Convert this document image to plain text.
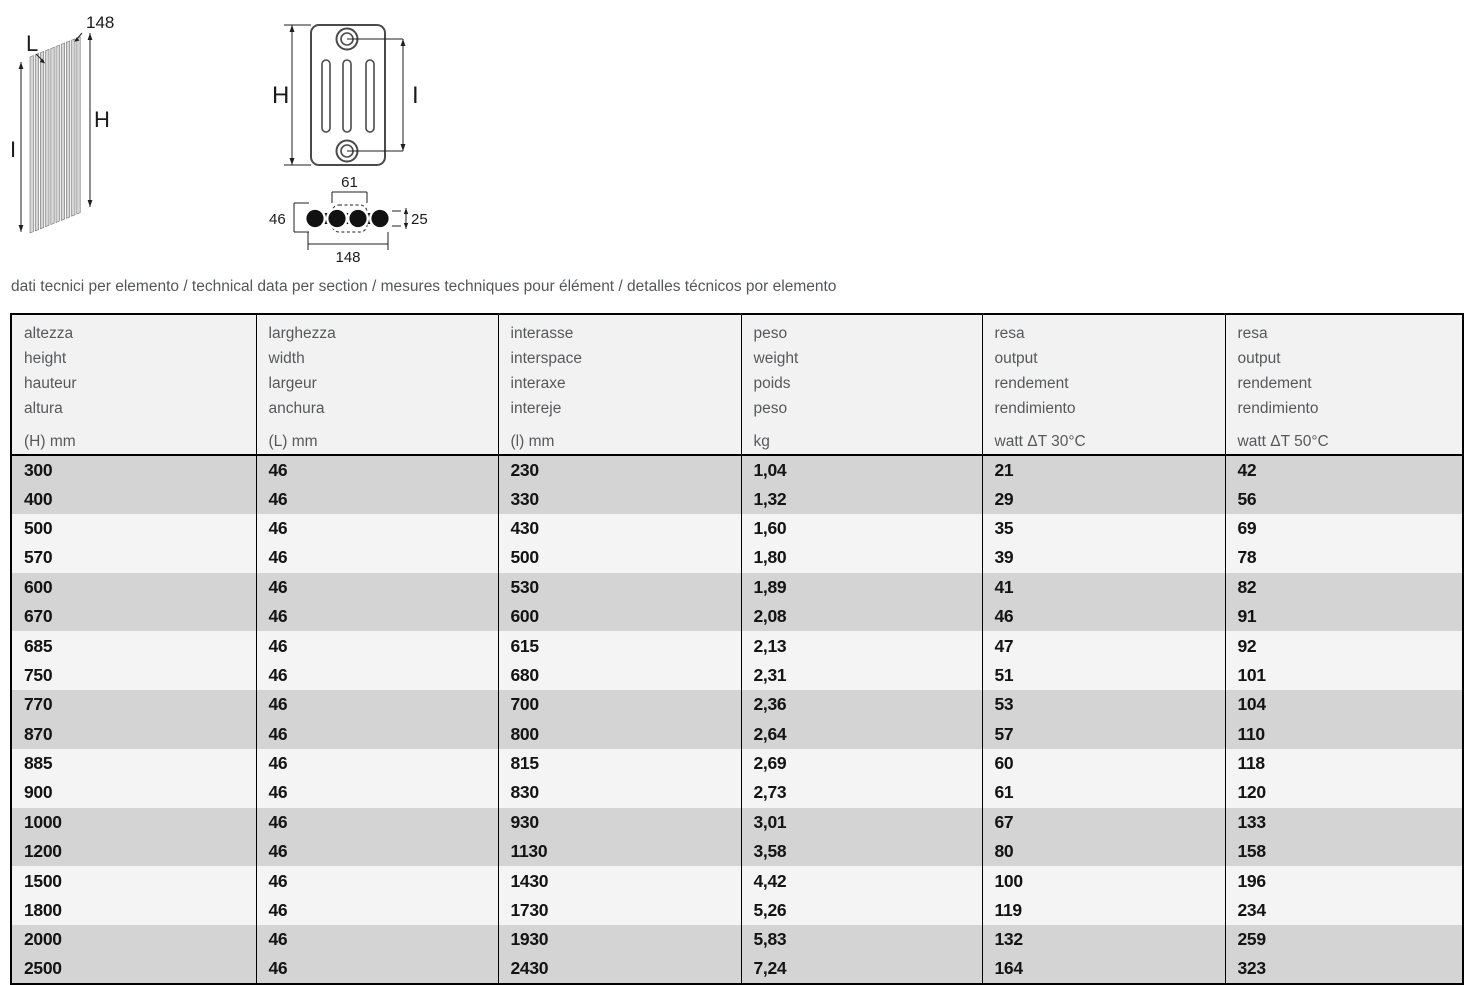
L
148
H
I
H	I
61
46	25
148
dati tecnici per elemento / technical data per section / mesures techniques pour élément / detalles técnicos por elemento
altezza
height
hauteur
altura
(H) mm

larghezza
width
largeur
anchura
(L) mm

interasse
interspace
interaxe
intereje
(l) mm

peso
weight
poids
peso
kg

resa
output
rendement
rendimiento
watt ΔT 30°C

resa
output
rendement
rendimiento
watt ΔT 50°C

300	46	230	1,04	21	42
400	46	330	1,32	29	56
500	46	430	1,60	35	69
570	46	500	1,80	39	78
600	46	530	1,89	41	82
670	46	600	2,08	46	91
685	46	615	2,13	47	92
750	46	680	2,31	51	101
770	46	700	2,36	53	104
870	46	800	2,64	57	110
885	46	815	2,69	60	118
900	46	830	2,73	61	120
1000	46	930	3,01	67	133
1200	46	1130	3,58	80	158
1500	46	1430	4,42	100	196
1800	46	1730	5,26	119	234
2000	46	1930	5,83	132	259
2500	46	2430	7,24	164	323
